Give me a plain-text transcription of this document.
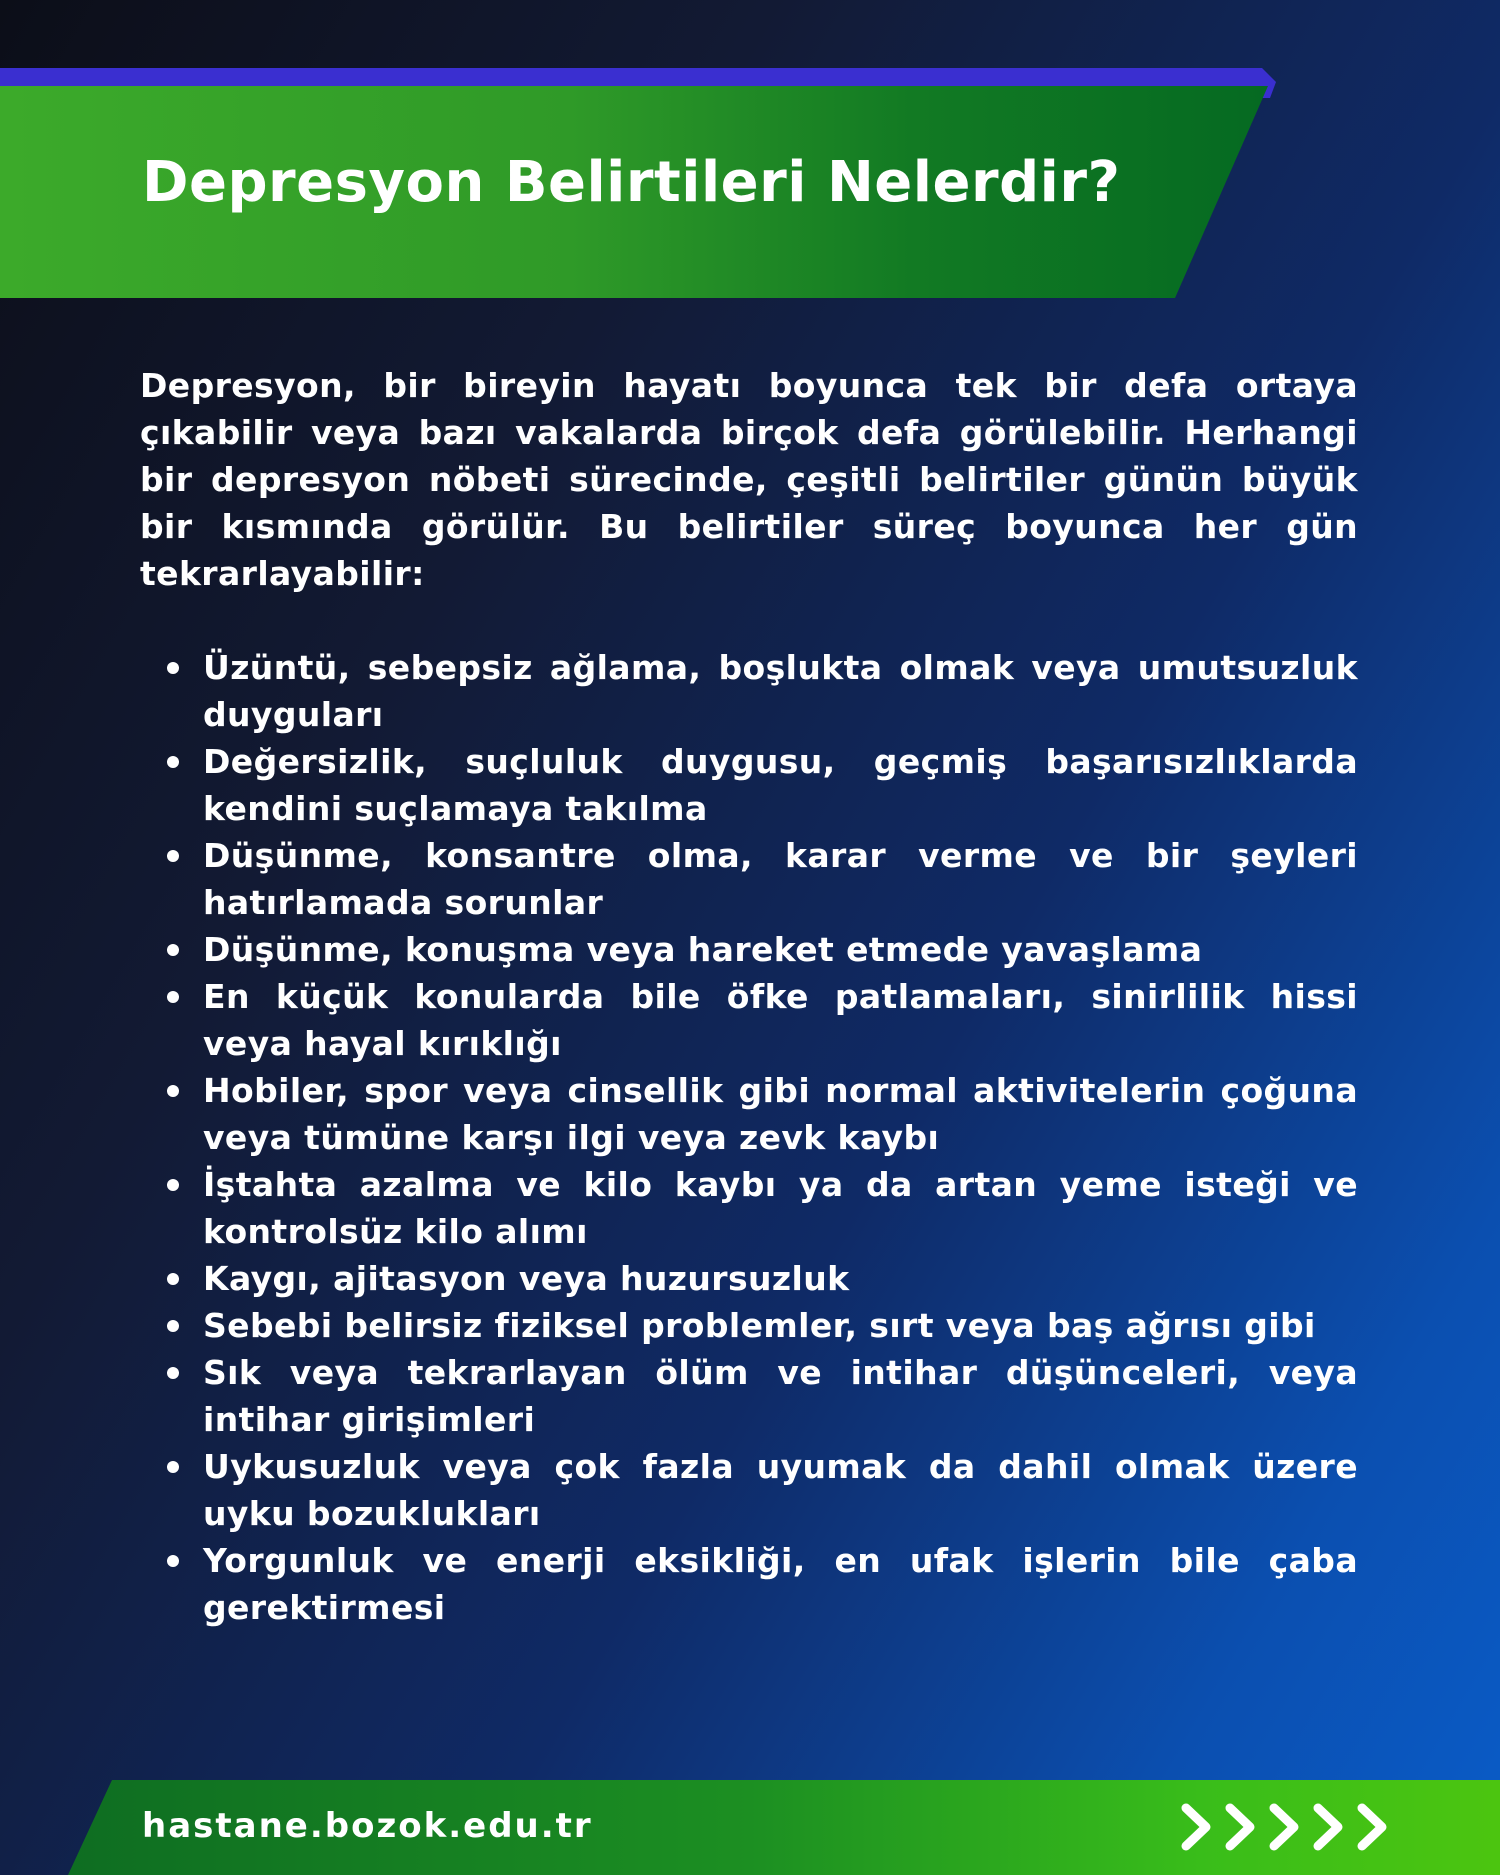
Depresyon Belirtileri Nelerdir?

Depresyon, bir bireyin hayatı boyunca tek bir defa ortaya çıkabilir veya bazı vakalarda birçok defa görülebilir. Herhangi bir depresyon nöbeti sürecinde, çeşitli belirtiler günün büyük bir kısmında görülür. Bu belirtiler süreç boyunca her gün tekrarlayabilir:

Üzüntü, sebepsiz ağlama, boşlukta olmak veya umutsuzluk duyguları
Değersizlik, suçluluk duygusu, geçmiş başarısızlıklarda kendini suçlamaya takılma
Düşünme, konsantre olma, karar verme ve bir şeyleri hatırlamada sorunlar
Düşünme, konuşma veya hareket etmede yavaşlama
En küçük konularda bile öfke patlamaları, sinirlilik hissi veya hayal kırıklığı
Hobiler, spor veya cinsellik gibi normal aktivitelerin çoğuna veya tümüne karşı ilgi veya zevk kaybı
İştahta azalma ve kilo kaybı ya da artan yeme isteği ve kontrolsüz kilo alımı
Kaygı, ajitasyon veya huzursuzluk
Sebebi belirsiz fiziksel problemler, sırt veya baş ağrısı gibi
Sık veya tekrarlayan ölüm ve intihar düşünceleri, veya intihar girişimleri
Uykusuzluk veya çok fazla uyumak da dahil olmak üzere uyku bozuklukları
Yorgunluk ve enerji eksikliği, en ufak işlerin bile çaba gerektirmesi
hastane.bozok.edu.tr
